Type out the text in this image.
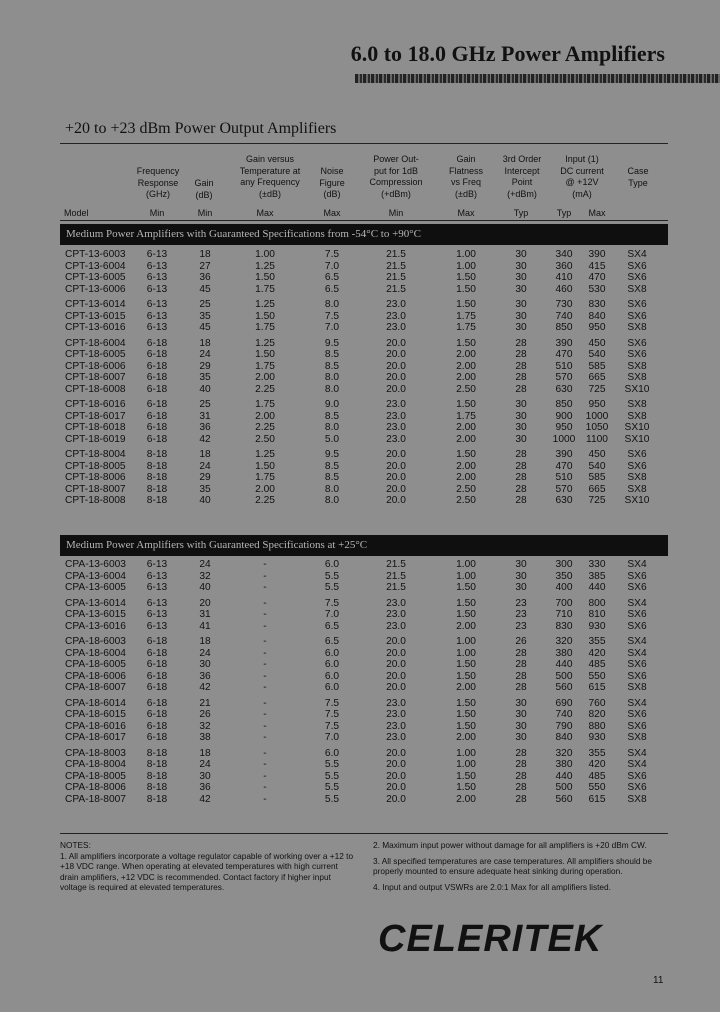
6.0 to 18.0 GHz Power Amplifiers
+20 to +23 dBm Power Output Amplifiers
Frequency
Response
(GHz)
Gain
(dB)
Gain versus
Temperature at
any Frequency
(±dB)
Noise
Figure
(dB)
Power Out-
put for 1dB
Compression
(+dBm)
Gain
Flatness
vs Freq
(±dB)
3rd Order
Intercept
Point
(+dBm)
Input (1)
DC current
@ +12V
(mA)
Case
Type
Model	Min	Min	Max	Max	Min	Max	Typ	Typ	Max
Medium Power Amplifiers with Guaranteed Specifications from -54°C to +90°C
CPT-13-6003	6-13	18	1.00	7.5	21.5	1.00	30	340	390	SX4
CPT-13-6004	6-13	27	1.25	7.0	21.5	1.00	30	360	415	SX6
CPT-13-6005	6-13	36	1.50	6.5	21.5	1.50	30	410	470	SX6
CPT-13-6006	6-13	45	1.75	6.5	21.5	1.50	30	460	530	SX8
CPT-13-6014	6-13	25	1.25	8.0	23.0	1.50	30	730	830	SX6
CPT-13-6015	6-13	35	1.50	7.5	23.0	1.75	30	740	840	SX6
CPT-13-6016	6-13	45	1.75	7.0	23.0	1.75	30	850	950	SX8
CPT-18-6004	6-18	18	1.25	9.5	20.0	1.50	28	390	450	SX6
CPT-18-6005	6-18	24	1.50	8.5	20.0	2.00	28	470	540	SX6
CPT-18-6006	6-18	29	1.75	8.5	20.0	2.00	28	510	585	SX8
CPT-18-6007	6-18	35	2.00	8.0	20.0	2.00	28	570	665	SX8
CPT-18-6008	6-18	40	2.25	8.0	20.0	2.50	28	630	725	SX10
CPT-18-6016	6-18	25	1.75	9.0	23.0	1.50	30	850	950	SX8
CPT-18-6017	6-18	31	2.00	8.5	23.0	1.75	30	900	1000	SX8
CPT-18-6018	6-18	36	2.25	8.0	23.0	2.00	30	950	1050	SX10
CPT-18-6019	6-18	42	2.50	5.0	23.0	2.00	30	1000	1100	SX10
CPT-18-8004	8-18	18	1.25	9.5	20.0	1.50	28	390	450	SX6
CPT-18-8005	8-18	24	1.50	8.5	20.0	2.00	28	470	540	SX6
CPT-18-8006	8-18	29	1.75	8.5	20.0	2.00	28	510	585	SX8
CPT-18-8007	8-18	35	2.00	8.0	20.0	2.50	28	570	665	SX8
CPT-18-8008	8-18	40	2.25	8.0	20.0	2.50	28	630	725	SX10
Medium Power Amplifiers with Guaranteed Specifications at +25°C
CPA-13-6003	6-13	24	-	6.0	21.5	1.00	30	300	330	SX4
CPA-13-6004	6-13	32	-	5.5	21.5	1.00	30	350	385	SX6
CPA-13-6005	6-13	40	-	5.5	21.5	1.50	30	400	440	SX6
CPA-13-6014	6-13	20	-	7.5	23.0	1.50	23	700	800	SX4
CPA-13-6015	6-13	31	-	7.0	23.0	1.50	23	710	810	SX6
CPA-13-6016	6-13	41	-	6.5	23.0	2.00	23	830	930	SX6
CPA-18-6003	6-18	18	-	6.5	20.0	1.00	26	320	355	SX4
CPA-18-6004	6-18	24	-	6.0	20.0	1.00	28	380	420	SX4
CPA-18-6005	6-18	30	-	6.0	20.0	1.50	28	440	485	SX6
CPA-18-6006	6-18	36	-	6.0	20.0	1.50	28	500	550	SX6
CPA-18-6007	6-18	42	-	6.0	20.0	2.00	28	560	615	SX8
CPA-18-6014	6-18	21	-	7.5	23.0	1.50	30	690	760	SX4
CPA-18-6015	6-18	26	-	7.5	23.0	1.50	30	740	820	SX6
CPA-18-6016	6-18	32	-	7.5	23.0	1.50	30	790	880	SX6
CPA-18-6017	6-18	38	-	7.0	23.0	2.00	30	840	930	SX8
CPA-18-8003	8-18	18	-	6.0	20.0	1.00	28	320	355	SX4
CPA-18-8004	8-18	24	-	5.5	20.0	1.00	28	380	420	SX4
CPA-18-8005	8-18	30	-	5.5	20.0	1.50	28	440	485	SX6
CPA-18-8006	8-18	36	-	5.5	20.0	1.50	28	500	550	SX6
CPA-18-8007	8-18	42	-	5.5	20.0	2.00	28	560	615	SX8
NOTES:
1. All amplifiers incorporate a voltage regulator capable of working over a +12 to +18 VDC range. When operating at elevated temperatures with high current drain amplifiers, +12 VDC is recommended. Contact factory if higher input voltage is required at elevated temperatures.
2. Maximum input power without damage for all amplifiers is +20 dBm CW.
3. All specified temperatures are case temperatures. All amplifiers should be properly mounted to ensure adequate heat sinking during operation.
4. Input and output VSWRs are 2.0:1 Max for all amplifiers listed.
CELERITEK
11
